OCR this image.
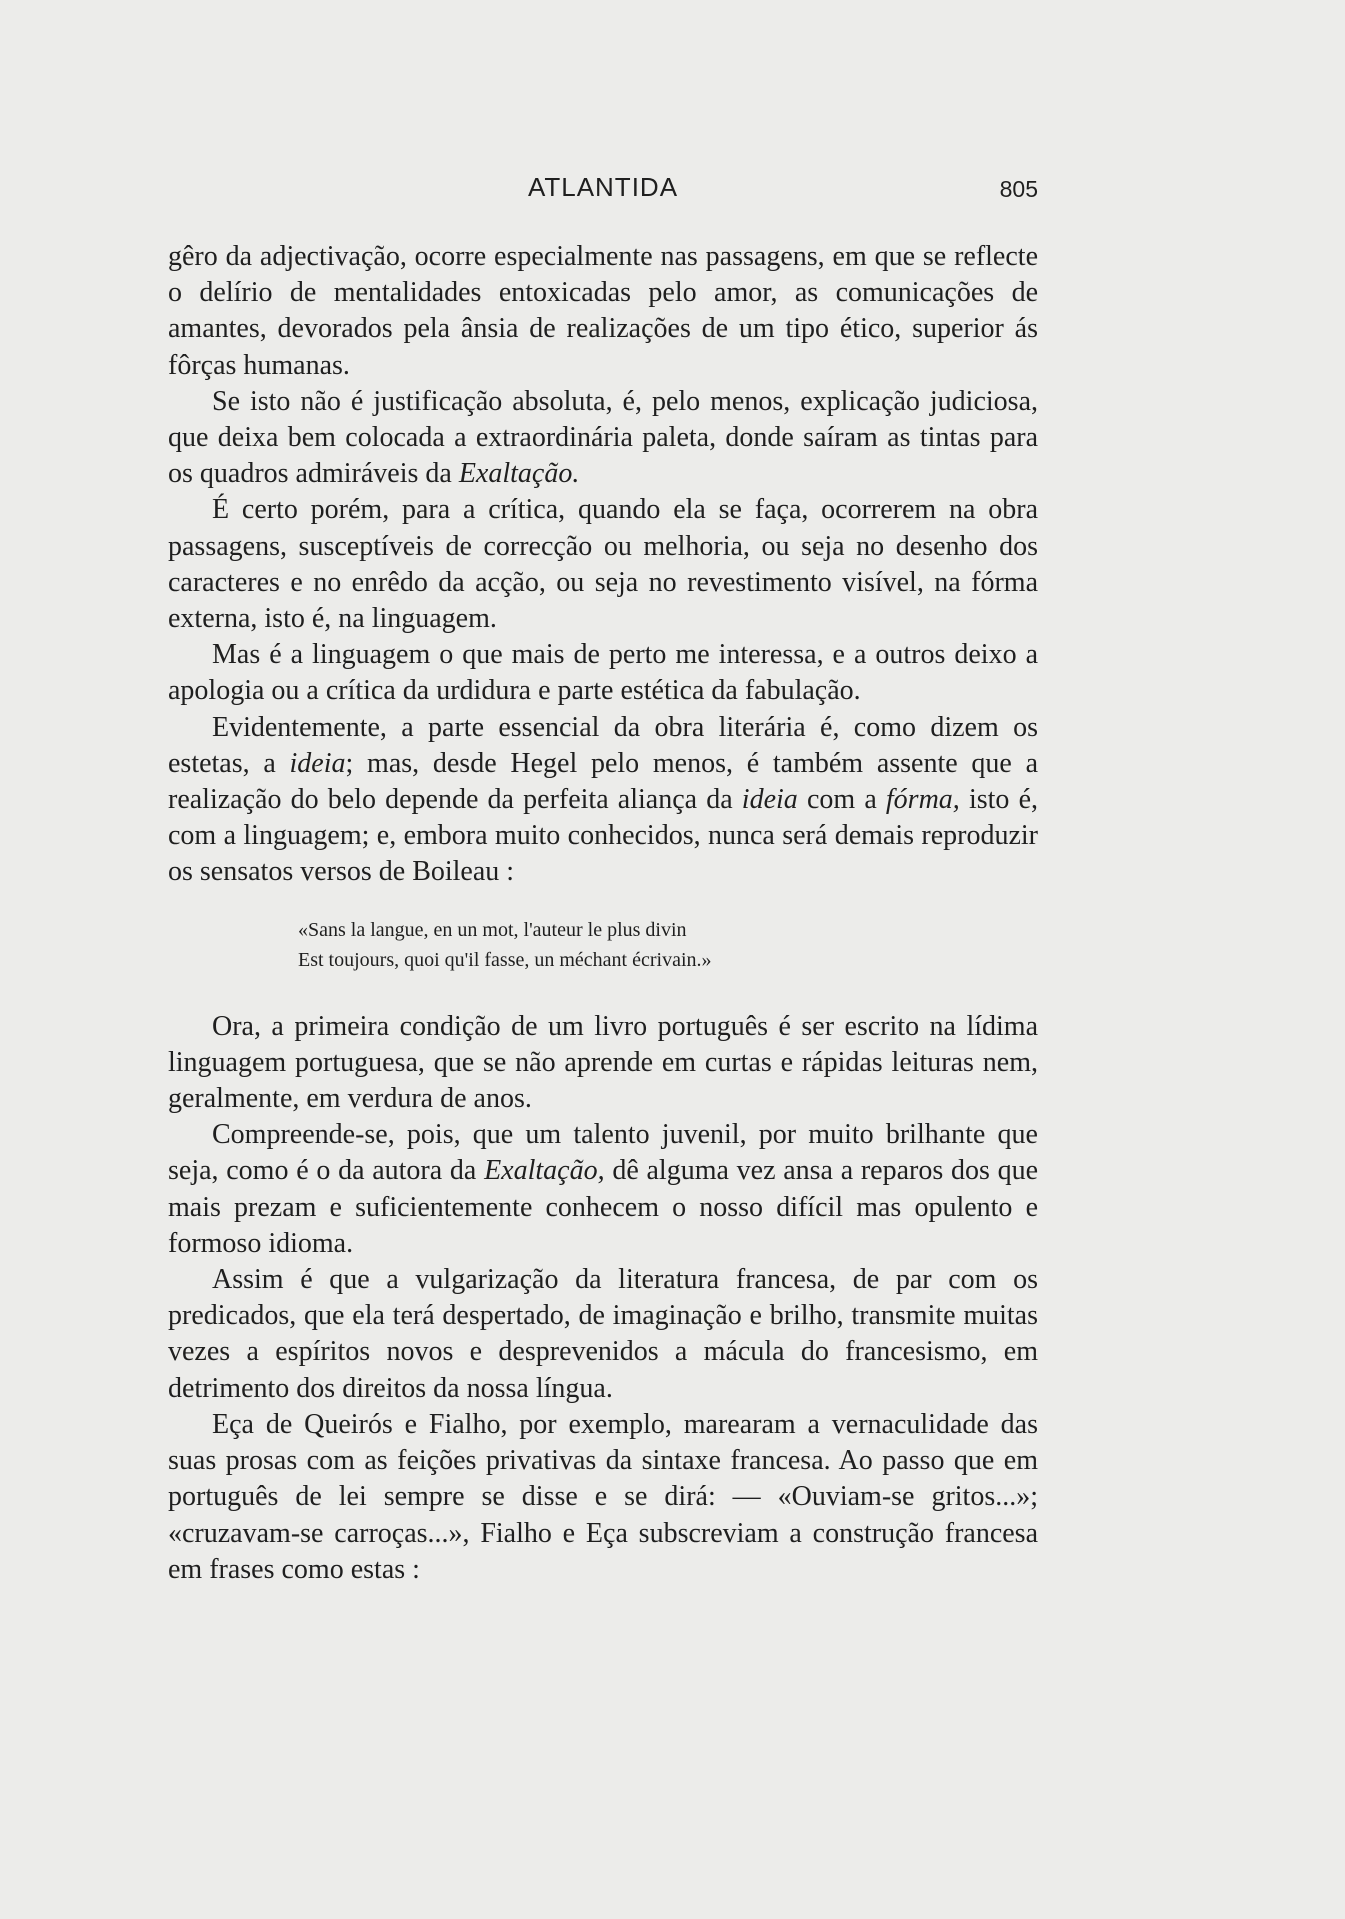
ATLANTIDA	805

gêro da adjectivação, ocorre especialmente nas passagens, em que se reflecte o delírio de mentalidades entoxicadas pelo amor, as comunicações de amantes, devorados pela ânsia de realizações de um tipo ético, superior ás fôrças humanas.

Se isto não é justificação absoluta, é, pelo menos, explicação judiciosa, que deixa bem colocada a extraordinária paleta, donde saíram as tintas para os quadros admiráveis da Exaltação.

É certo porém, para a crítica, quando ela se faça, ocorrerem na obra passagens, susceptíveis de correcção ou melhoria, ou seja no desenho dos caracteres e no enrêdo da acção, ou seja no revestimento visível, na fórma externa, isto é, na linguagem.

Mas é a linguagem o que mais de perto me interessa, e a outros deixo a apologia ou a crítica da urdidura e parte estética da fabulação.

Evidentemente, a parte essencial da obra literária é, como dizem os estetas, a ideia; mas, desde Hegel pelo menos, é também assente que a realização do belo depende da perfeita aliança da ideia com a fórma, isto é, com a linguagem; e, embora muito conhecidos, nunca será demais reproduzir os sensatos versos de Boileau :

«Sans la langue, en un mot, l'auteur le plus divin
Est toujours, quoi qu'il fasse, un méchant écrivain.»

Ora, a primeira condição de um livro português é ser escrito na lídima linguagem portuguesa, que se não aprende em curtas e rápidas leituras nem, geralmente, em verdura de anos.

Compreende-se, pois, que um talento juvenil, por muito brilhante que seja, como é o da autora da Exaltação, dê alguma vez ansa a reparos dos que mais prezam e suficientemente conhecem o nosso difícil mas opulento e formoso idioma.

Assim é que a vulgarização da literatura francesa, de par com os predicados, que ela terá despertado, de imaginação e brilho, transmite muitas vezes a espíritos novos e desprevenidos a mácula do francesismo, em detrimento dos direitos da nossa língua.

Eça de Queirós e Fialho, por exemplo, marearam a vernaculidade das suas prosas com as feições privativas da sintaxe francesa. Ao passo que em português de lei sempre se disse e se dirá: — «Ouviam-se gritos...»; «cruzavam-se carroças...», Fialho e Eça subscreviam a construção francesa em frases como estas :
